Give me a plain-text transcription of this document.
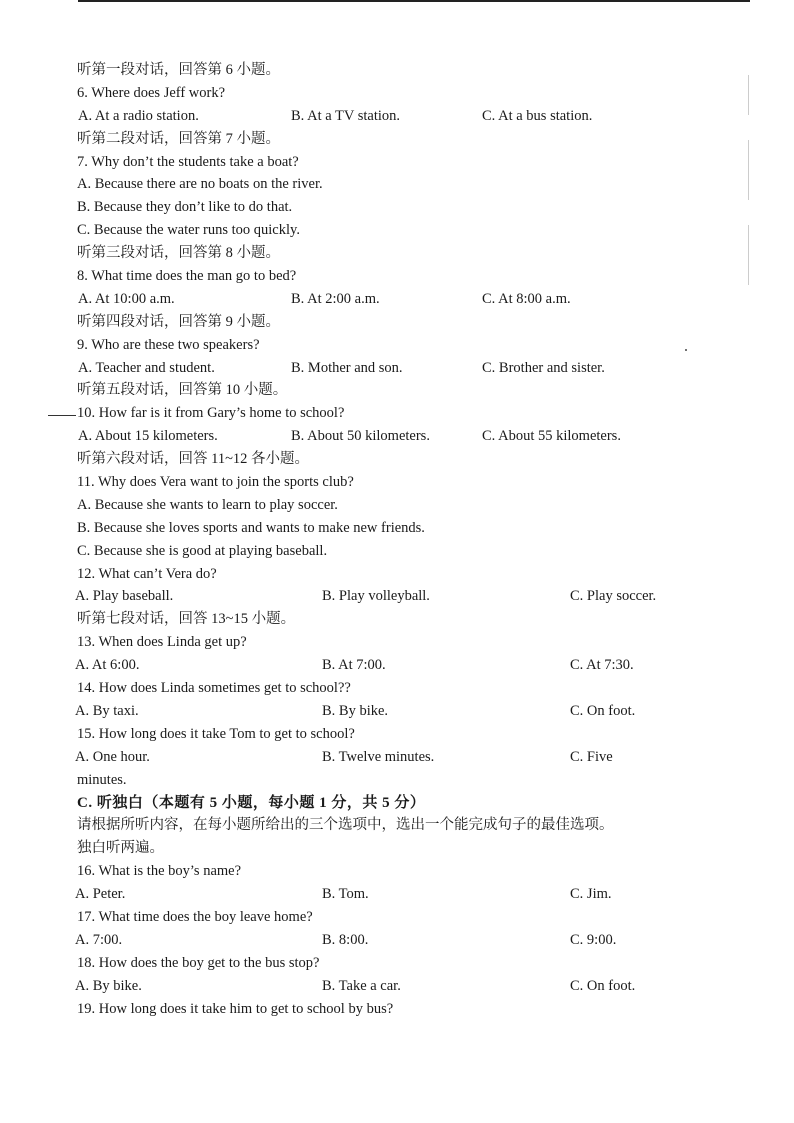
听第一段对话，回答第 6 小题。
6. Where does Jeff work?
A. At a radio station.	B. At a TV station.	C. At a bus station.
听第二段对话，回答第 7 小题。
7. Why don’t the students take a boat?
A. Because there are no boats on the river.
B. Because they don’t like to do that.
C. Because the water runs too quickly.
听第三段对话，回答第 8 小题。
8. What time does the man go to bed?
A. At 10:00 a.m.	B. At 2:00 a.m.	C. At 8:00 a.m.
听第四段对话，回答第 9 小题。
9. Who are these two speakers?
A. Teacher and student.	B. Mother and son.	C. Brother and sister.
听第五段对话，回答第 10 小题。
10. How far is it from Gary’s home to school?
A. About 15 kilometers.	B. About 50 kilometers.	C. About 55 kilometers.
听第六段对话，回答 11~12 各小题。
11. Why does Vera want to join the sports club?
A. Because she wants to learn to play soccer.
B. Because she loves sports and wants to make new friends.
C. Because she is good at playing baseball.
12. What can’t Vera do?
A. Play baseball.	B. Play volleyball.	C. Play soccer.
听第七段对话，回答 13~15 小题。
13. When does Linda get up?
A. At 6:00.	B. At 7:00.	C. At 7:30.
14. How does Linda sometimes get to school??
A. By taxi.	B. By bike.	C. On foot.
15. How long does it take Tom to get to school?
A. One hour.	B. Twelve minutes.	C. Five
minutes.
C. 听独白（本题有 5 小题，每小题 1 分，共 5 分）
请根据所听内容，在每小题所给出的三个选项中，选出一个能完成句子的最佳选项。
独白听两遍。
16. What is the boy’s name?
A. Peter.	B. Tom.	C. Jim.
17. What time does the boy leave home?
A. 7:00.	B. 8:00.	C. 9:00.
18. How does the boy get to the bus stop?
A. By bike.	B. Take a car.	C. On foot.
19. How long does it take him to get to school by bus?
